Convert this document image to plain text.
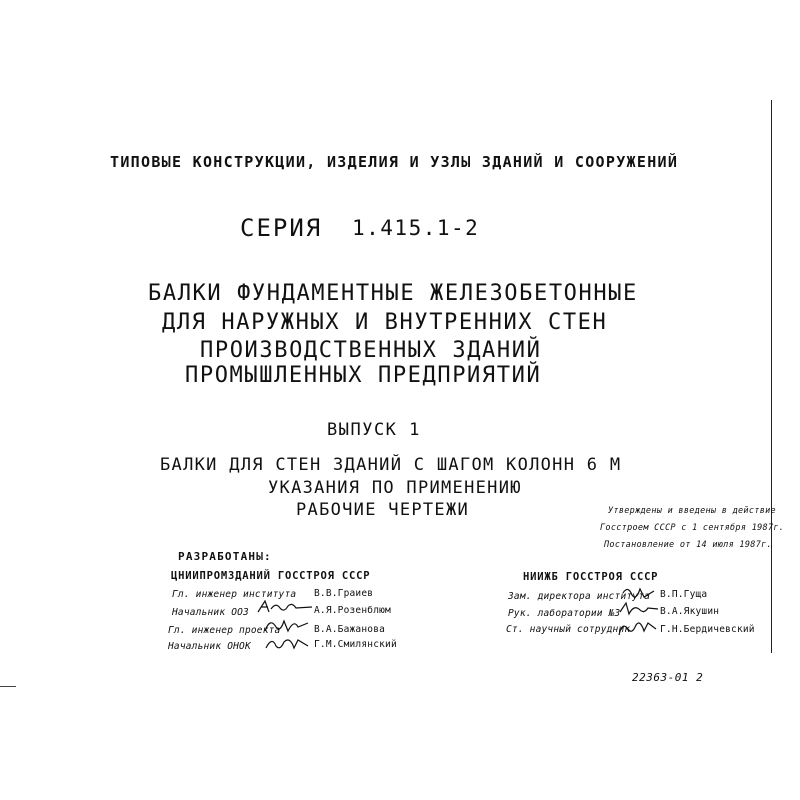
ТИПОВЫЕ КОНСТРУКЦИИ, ИЗДЕЛИЯ И УЗЛЫ ЗДАНИЙ И СООРУЖЕНИЙ
СЕРИЯ 1.415.1-2
БАЛКИ ФУНДАМЕНТНЫЕ ЖЕЛЕЗОБЕТОННЫЕ
ДЛЯ НАРУЖНЫХ И ВНУТРЕННИХ СТЕН
ПРОИЗВОДСТВЕННЫХ ЗДАНИЙ
ПРОМЫШЛЕННЫХ ПРЕДПРИЯТИЙ
ВЫПУСК 1
БАЛКИ ДЛЯ СТЕН ЗДАНИЙ С ШАГОМ КОЛОНН 6 М
УКАЗАНИЯ ПО ПРИМЕНЕНИЮ
РАБОЧИЕ ЧЕРТЕЖИ	Утверждены и введены в действие
Госстроем СССР с 1 сентября 1987г.
Постановление от 14 июля 1987г.
РАЗРАБОТАНЫ:
ЦНИИПРОМЗДАНИЙ ГОССТРОЯ СССР
Гл. инженер института В.В.Граиев
Начальник ООЗ	А.Я.Розенблюм
Гл. инженер проекта	В.А.Бажанова
Начальник ОНОК	Г.М.Смилянский
НИИЖБ ГОССТРОЯ СССР
Зам. директора института В.П.Гуща
Рук. лаборатории №3	В.А.Якушин
Ст. научный сотрудник	Г.Н.Бердичевский
22363-01 2
